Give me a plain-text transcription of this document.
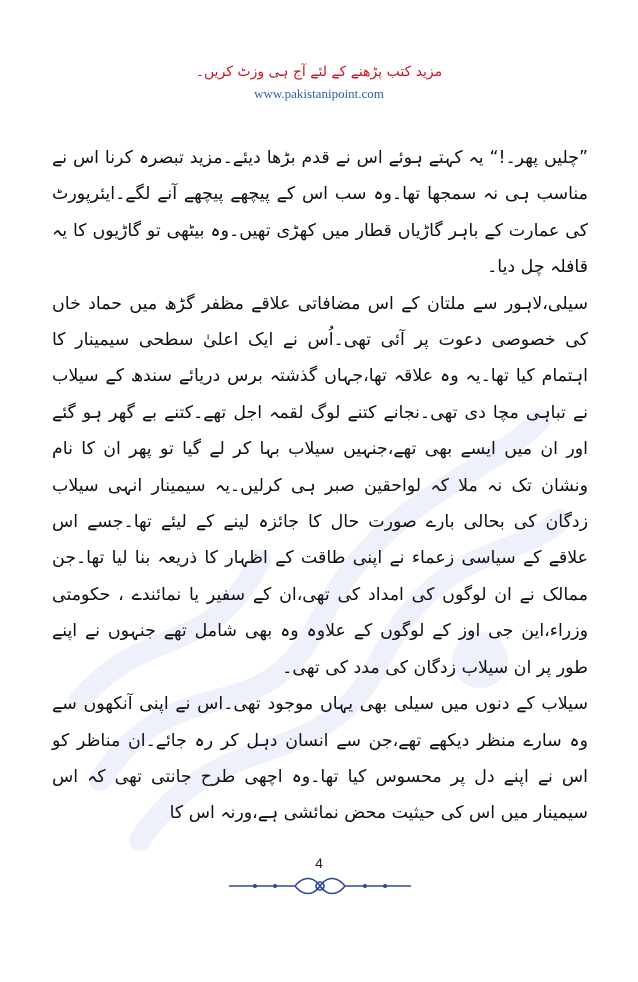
مزید کتب پڑھنے کے لئے آج ہی وزٹ کریں۔
www.pakistanipoint.com

”چلیں پھر۔!“ یہ کہتے ہوئے اس نے قدم بڑھا دیئے۔مزید تبصرہ کرنا اس نے مناسب ہی نہ سمجھا تھا۔وہ سب اس کے پیچھے پیچھے آنے لگے۔ایئرپورٹ کی عمارت کے باہر گاڑیاں قطار میں کھڑی تھیں۔وہ بیٹھی تو گاڑیوں کا یہ قافلہ چل دیا۔

سیلی،لاہور سے ملتان کے اس مضافاتی علاقے مظفر گڑھ میں حماد خاں کی خصوصی دعوت پر آئی تھی۔اُس نے ایک اعلیٰ سطحی سیمینار کا اہتمام کیا تھا۔یہ وہ علاقہ تھا،جہاں گذشتہ برس دریائے سندھ کے سیلاب نے تباہی مچا دی تھی۔نجانے کتنے لوگ لقمہ اجل تھے۔کتنے بے گھر ہو گئے اور ان میں ایسے بھی تھے،جنہیں سیلاب بہا کر لے گیا تو پھر ان کا نام ونشان تک نہ ملا کہ لواحقین صبر ہی کرلیں۔یہ سیمینار انہی سیلاب زدگان کی بحالی بارے صورت حال کا جائزہ لینے کے لیئے تھا۔جسے اس علاقے کے سیاسی زعماء نے اپنی طاقت کے اظہار کا ذریعہ بنا لیا تھا۔جن ممالک نے ان لوگوں کی امداد کی تھی،ان کے سفیر یا نمائندے ، حکومتی وزراء،این جی اوز کے لوگوں کے علاوہ وہ بھی شامل تھے جنہوں نے اپنے طور پر ان سیلاب زدگان کی مدد کی تھی۔

سیلاب کے دنوں میں سیلی بھی یہاں موجود تھی۔اس نے اپنی آنکھوں سے وہ سارے منظر دیکھے تھے،جن سے انسان دہل کر رہ جائے۔ان مناظر کو اس نے اپنے دل پر محسوس کیا تھا۔وہ اچھی طرح جانتی تھی کہ اس سیمینار میں اس کی حیثیت محض نمائشی ہے،ورنہ اس کا

4
